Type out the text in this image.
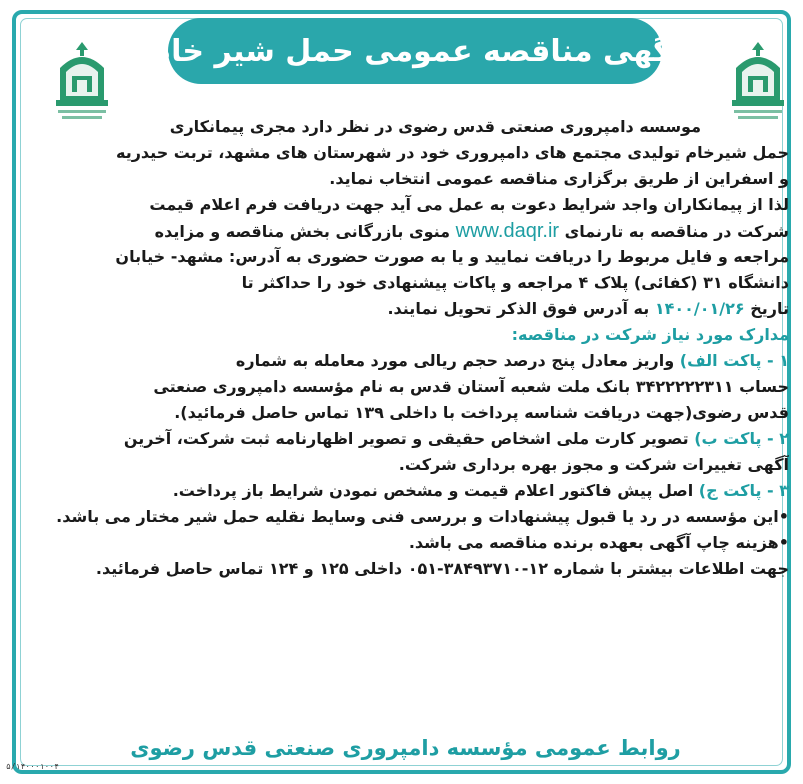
((آگهی مناقصه عمومی حمل شیر خام))
موسسه دامپروری صنعتی قدس رضوی در نظر دارد مجری پیمانکاری
حمل شیرخام تولیدی مجتمع های دامپروری خود در شهرستان های مشهد، تربت حیدریه
و اسفراین از طریق برگزاری مناقصه عمومی انتخاب نماید.
لذا از پیمانکاران واجد شرایط دعوت به عمل می آید جهت دریافت فرم اعلام قیمت
شرکت در مناقصه به تارنمای www.daqr.ir منوی بازرگانی بخش مناقصه و مزایده
مراجعه و فایل مربوط را دریافت نمایید و یا به صورت حضوری به آدرس: مشهد- خیابان
دانشگاه ۳۱ (کفائی) پلاک ۴ مراجعه و پاکات پیشنهادی خود را حداکثر تا
تاریخ ۱۴۰۰/۰۱/۲۶ به آدرس فوق الذکر تحویل نمایند.
مدارک مورد نیاز شرکت در مناقصه:
۱ - پاکت الف) واریز معادل پنج درصد حجم ریالی مورد معامله به شماره
حساب ۳۴۲۲۲۲۲۳۱۱ بانک ملت شعبه آستان قدس به نام مؤسسه دامپروری صنعتی
قدس رضوی(جهت دریافت شناسه پرداخت با داخلی ۱۳۹ تماس حاصل فرمائید).
۲ - پاکت ب) تصویر کارت ملی اشخاص حقیقی و تصویر اظهارنامه ثبت شرکت، آخرین
آگهی تغییرات شرکت و مجوز بهره برداری شرکت.
۳ - پاکت ج) اصل پیش فاکتور اعلام قیمت و مشخص نمودن شرایط باز پرداخت.
•این مؤسسه در رد یا قبول پیشنهادات و بررسی فنی وسایط نقلیه حمل شیر مختار می باشد.
•هزینه چاپ آگهی بعهده برنده مناقصه می باشد.
جهت اطلاعات بیشتر با شماره ۱۲-۳۸۴۹۳۷۱۰-۰۵۱ داخلی ۱۲۵ و ۱۲۴ تماس حاصل فرمائید.
روابط عمومی مؤسسه دامپروری صنعتی قدس رضوی
۵/۱۴۰۰۰۱۰۰۴
